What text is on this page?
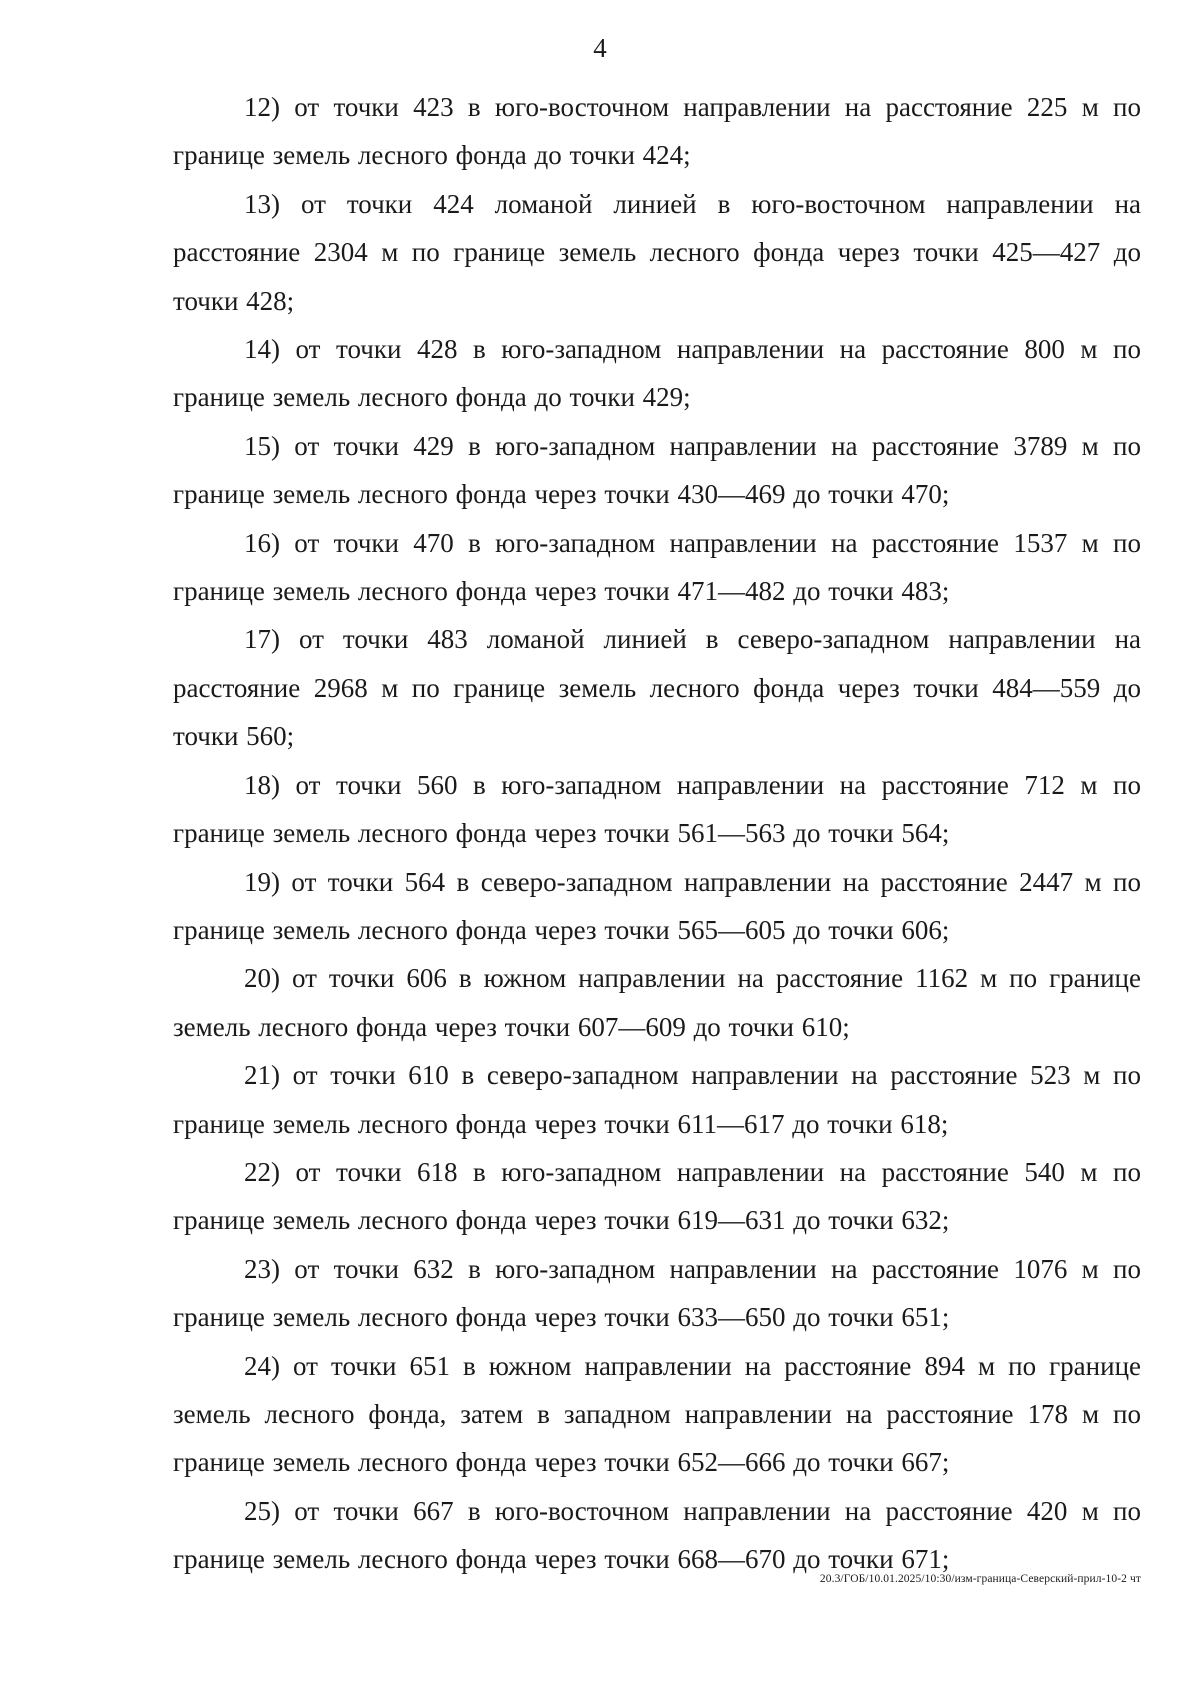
4

12) от точки 423 в юго-восточном направлении на расстояние 225 м по границе земель лесного фонда до точки 424;

13) от точки 424 ломаной линией в юго-восточном направлении на расстояние 2304 м по границе земель лесного фонда через точки 425—427 до точки 428;

14) от точки 428 в юго-западном направлении на расстояние 800 м по границе земель лесного фонда до точки 429;

15) от точки 429 в юго-западном направлении на расстояние 3789 м по границе земель лесного фонда через точки 430—469 до точки 470;

16) от точки 470 в юго-западном направлении на расстояние 1537 м по границе земель лесного фонда через точки 471—482 до точки 483;

17) от точки 483 ломаной линией в северо-западном направлении на расстояние 2968 м по границе земель лесного фонда через точки 484—559 до точки 560;

18) от точки 560 в юго-западном направлении на расстояние 712 м по границе земель лесного фонда через точки 561—563 до точки 564;

19) от точки 564 в северо-западном направлении на расстояние 2447 м по границе земель лесного фонда через точки 565—605 до точки 606;

20) от точки 606 в южном направлении на расстояние 1162 м по границе земель лесного фонда через точки 607—609 до точки 610;

21) от точки 610 в северо-западном направлении на расстояние 523 м по границе земель лесного фонда через точки 611—617 до точки 618;

22) от точки 618 в юго-западном направлении на расстояние 540 м по границе земель лесного фонда через точки 619—631 до точки 632;

23) от точки 632 в юго-западном направлении на расстояние 1076 м по границе земель лесного фонда через точки 633—650 до точки 651;

24) от точки 651 в южном направлении на расстояние 894 м по границе земель лесного фонда, затем в западном направлении на расстояние 178 м по границе земель лесного фонда через точки 652—666 до точки 667;

25) от точки 667 в юго-восточном направлении на расстояние 420 м по границе земель лесного фонда через точки 668—670 до точки 671;

20.3/ГОБ/10.01.2025/10:30/изм-граница-Северский-прил-10-2 чт
